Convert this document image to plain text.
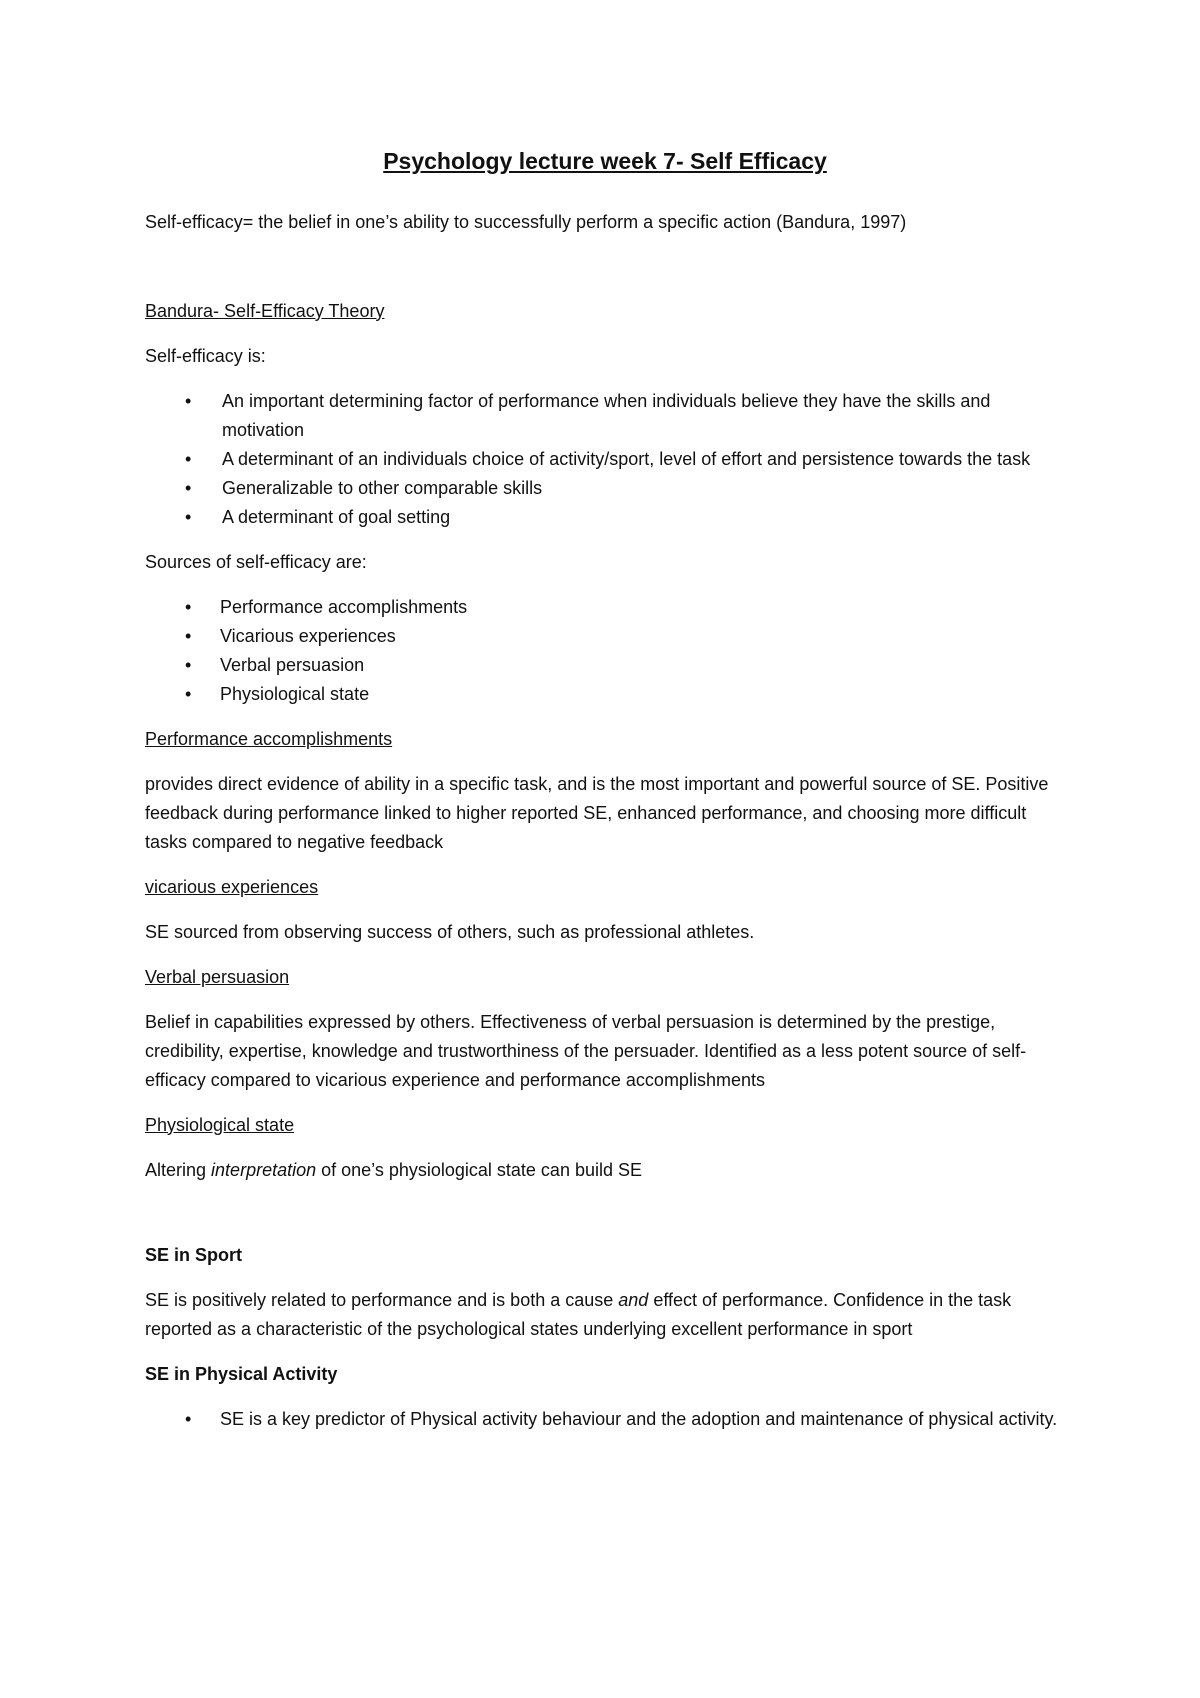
Psychology lecture week 7- Self Efficacy

Self-efficacy= the belief in one’s ability to successfully perform a specific action (Bandura, 1997)

Bandura- Self-Efficacy Theory

Self-efficacy is:

• An important determining factor of performance when individuals believe they have the skills and motivation
• A determinant of an individuals choice of activity/sport, level of effort and persistence towards the task
• Generalizable to other comparable skills
• A determinant of goal setting

Sources of self-efficacy are:

• Performance accomplishments
• Vicarious experiences
• Verbal persuasion
• Physiological state

Performance accomplishments

provides direct evidence of ability in a specific task, and is the most important and powerful source of SE. Positive feedback during performance linked to higher reported SE, enhanced performance, and choosing more difficult tasks compared to negative feedback

vicarious experiences

SE sourced from observing success of others, such as professional athletes.

Verbal persuasion

Belief in capabilities expressed by others. Effectiveness of verbal persuasion is determined by the prestige, credibility, expertise, knowledge and trustworthiness of the persuader. Identified as a less potent source of self-efficacy compared to vicarious experience and performance accomplishments

Physiological state

Altering interpretation of one’s physiological state can build SE

SE in Sport

SE is positively related to performance and is both a cause and effect of performance. Confidence in the task reported as a characteristic of the psychological states underlying excellent performance in sport

SE in Physical Activity

• SE is a key predictor of Physical activity behaviour and the adoption and maintenance of physical activity.
